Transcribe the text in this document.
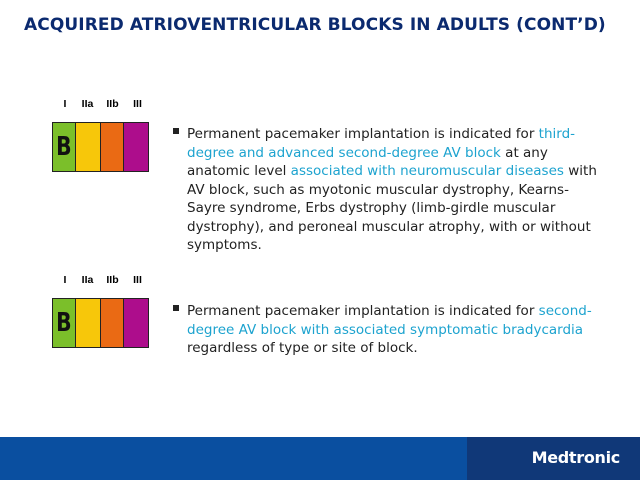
ACQUIRED ATRIOVENTRICULAR BLOCKS IN ADULTS (CONT’D)
I	IIa	IIb	III
B	Permanent pacemaker implantation is indicated for third-degree and advanced second-degree AV block at any anatomic level associated with neuromuscular diseases with AV block, such as myotonic muscular dystrophy, Kearns-Sayre syndrome, Erbs dystrophy (limb-girdle muscular dystrophy), and peroneal muscular atrophy, with or without symptoms.
I	IIa	IIb	III
B	Permanent pacemaker implantation is indicated for second-degree AV block with associated symptomatic bradycardia regardless of type or site of block.
Medtronic
